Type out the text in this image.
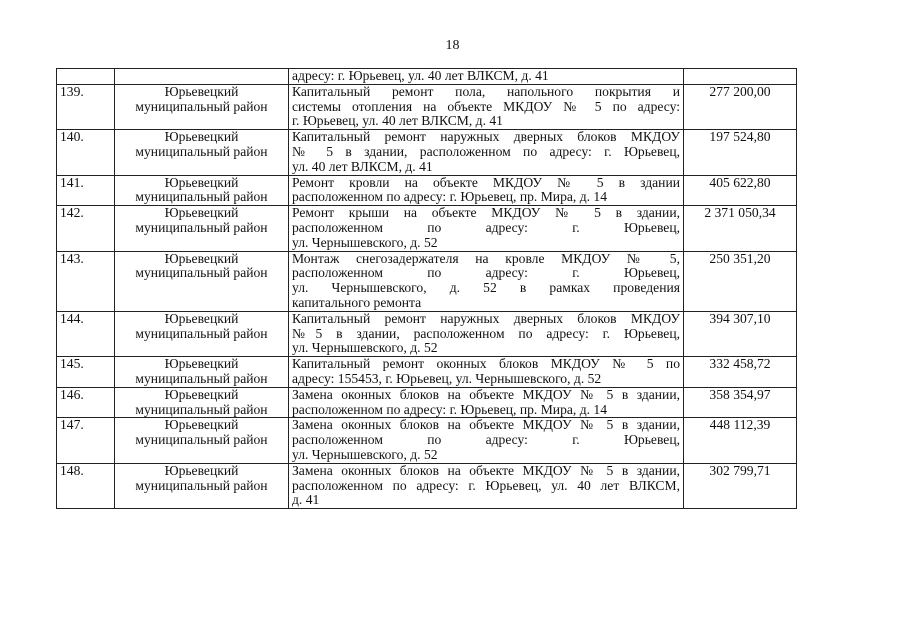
18

		адресу: г. Юрьевец, ул. 40 лет ВЛКСМ, д. 41	

139.	Юрьевецкий
муниципальный район	Капитальный ремонт пола, напольного покрытия и
системы отопления на объекте МКДОУ № 5 по адресу:
г. Юрьевец, ул. 40 лет ВЛКСМ, д. 41	277 200,00
140.	Юрьевецкий
муниципальный район	Капитальный ремонт наружных дверных блоков МКДОУ
№ 5 в здании, расположенном по адресу: г. Юрьевец,
ул. 40 лет ВЛКСМ, д. 41	197 524,80
141.	Юрьевецкий
муниципальный район	Ремонт кровли на объекте МКДОУ № 5 в здании
расположенном по адресу: г. Юрьевец, пр. Мира, д. 14	405 622,80
142.	Юрьевецкий
муниципальный район	Ремонт крыши на объекте МКДОУ № 5 в здании,
расположенном по адресу: г. Юрьевец,
ул. Чернышевского, д. 52	2 371 050,34
143.	Юрьевецкий
муниципальный район	Монтаж снегозадержателя на кровле МКДОУ № 5,
расположенном по адресу: г. Юрьевец,
ул. Чернышевского, д. 52 в рамках проведения
капитального ремонта	250 351,20
144.	Юрьевецкий
муниципальный район	Капитальный ремонт наружных дверных блоков МКДОУ
№5 в здании, расположенном по адресу: г. Юрьевец,
ул. Чернышевского, д. 52	394 307,10
145.	Юрьевецкий
муниципальный район	Капитальный ремонт оконных блоков МКДОУ № 5 по
адресу: 155453, г. Юрьевец, ул. Чернышевского, д. 52	332 458,72
146.	Юрьевецкий
муниципальный район	Замена оконных блоков на объекте МКДОУ № 5 в здании,
расположенном по адресу: г. Юрьевец, пр. Мира, д. 14	358 354,97
147.	Юрьевецкий
муниципальный район	Замена оконных блоков на объекте МКДОУ № 5 в здании,
расположенном по адресу: г. Юрьевец,
ул. Чернышевского, д. 52	448 112,39
148.	Юрьевецкий
муниципальный район	Замена оконных блоков на объекте МКДОУ № 5 в здании,
расположенном по адресу: г. Юрьевец, ул. 40 лет ВЛКСМ,
д. 41	302 799,71
